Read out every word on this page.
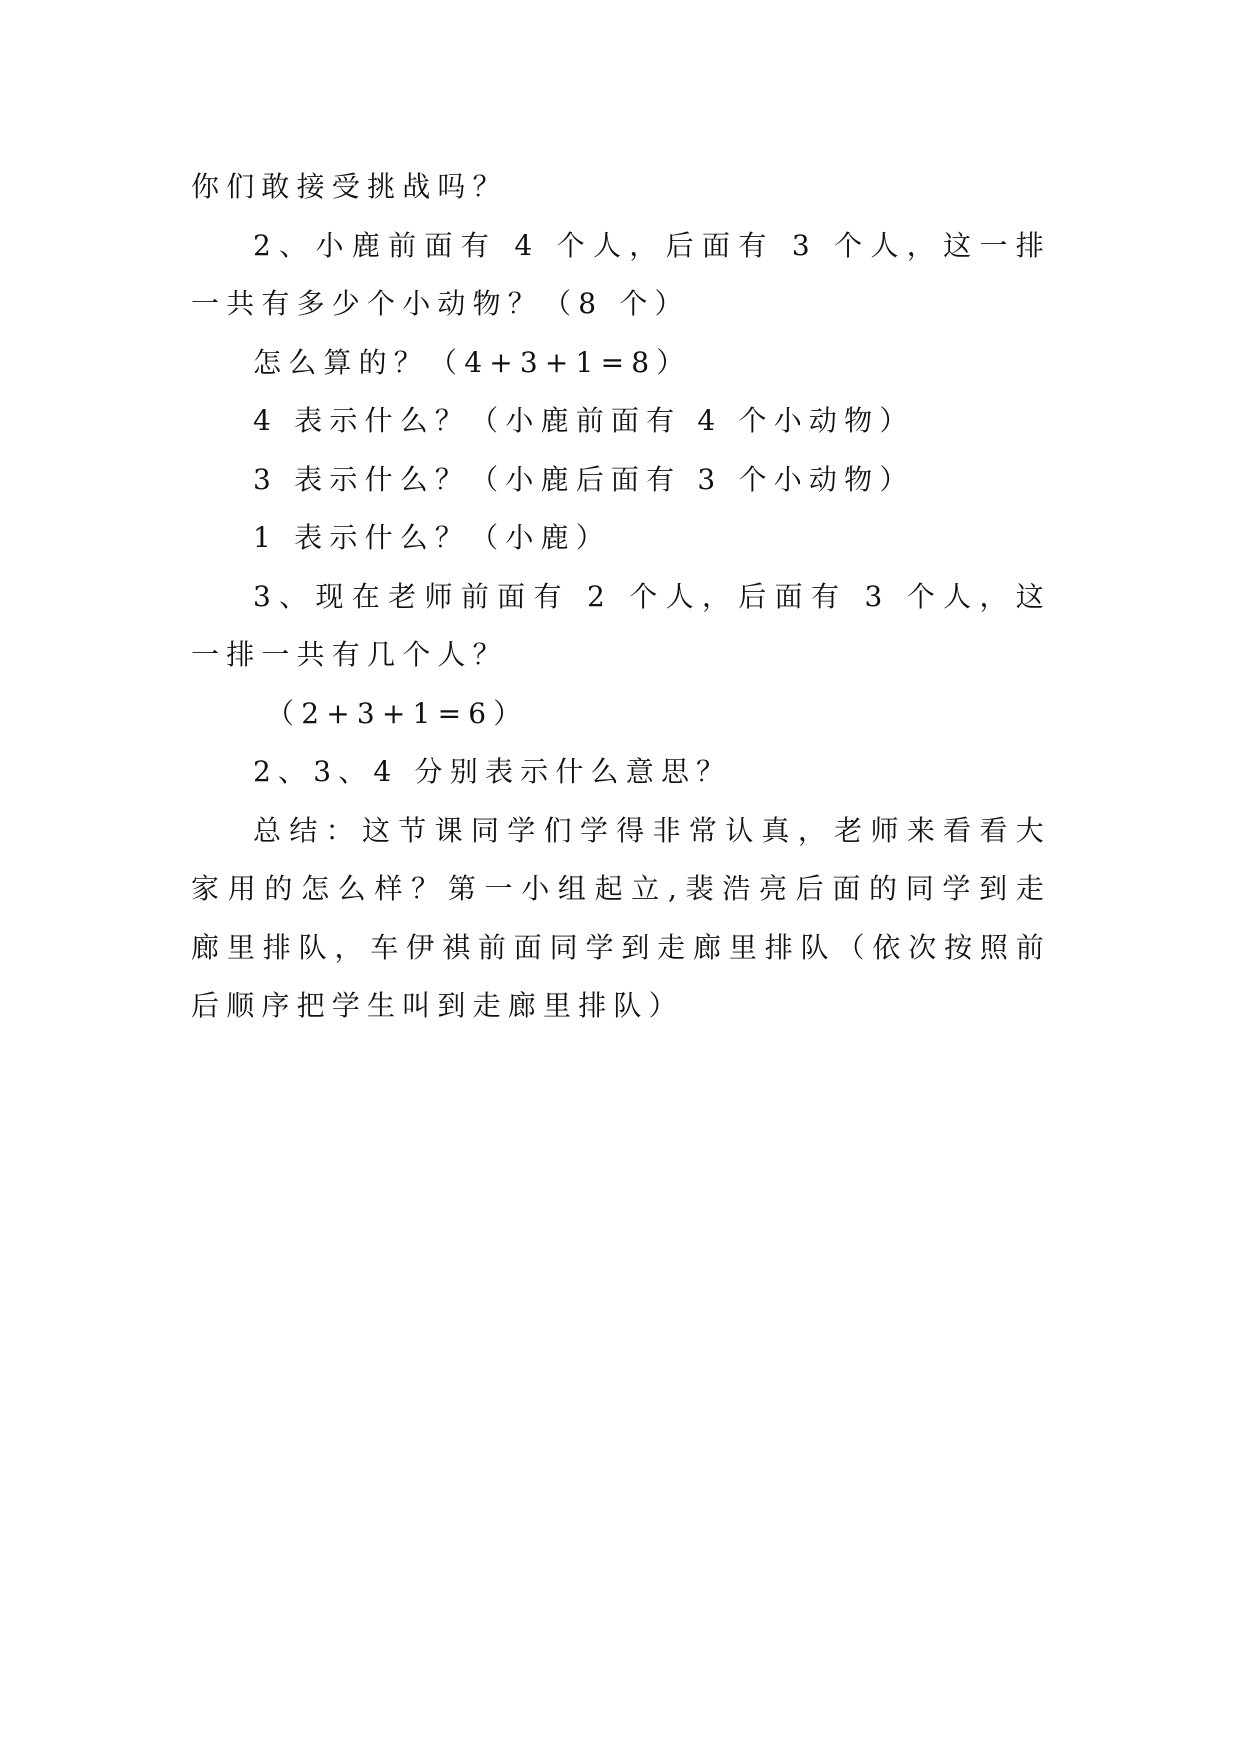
你们敢接受挑战吗？

2、小鹿前面有 4 个人，后面有 3 个人，这一排一共有多少个小动物？（8 个）

怎么算的？（4+3+1=8）

4 表示什么？（小鹿前面有 4 个小动物）

3 表示什么？（小鹿后面有 3 个小动物）

1 表示什么？（小鹿）

3、现在老师前面有 2 个人，后面有 3 个人，这一排一共有几个人？

（2+3+1=6）

2、3、4 分别表示什么意思？

总结：这节课同学们学得非常认真，老师来看看大家用的怎么样？第一小组起立,裴浩亮后面的同学到走廊里排队，车伊祺前面同学到走廊里排队（依次按照前后顺序把学生叫到走廊里排队）
